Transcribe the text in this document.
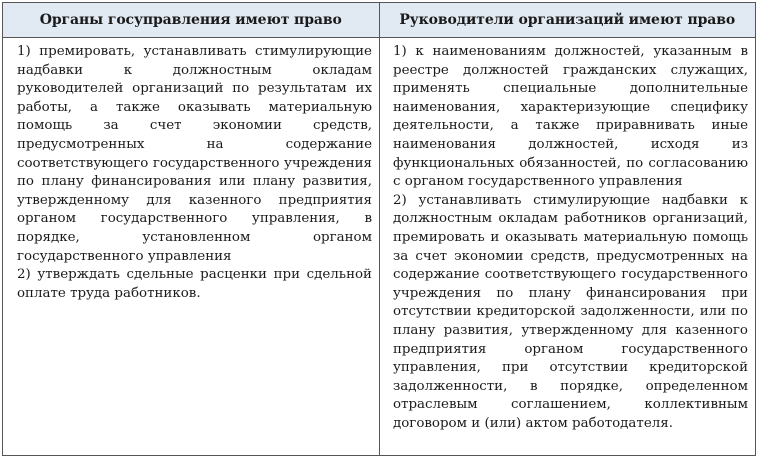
Органы госуправления имеют право	Руководители организаций имеют право

1) премировать, устанавливать стимулирующие надбавки к должностным окладам руководителей организаций по результатам их работы, а также оказывать материальную помощь за счет экономии средств, предусмотренных на содержание соответствующего государственного учреждения по плану финансирования или плану развития, утвержденному для казенного предприятия органом государственного управления, в порядке, установленном органом государственного управления

2) утверждать сдельные расценки при сдельной оплате труда работников.

1) к наименованиям должностей, указанным в реестре должностей гражданских служащих, применять специальные дополнительные наименования, характеризующие специфику деятельности, а также приравнивать иные наименования должностей, исходя из функциональных обязанностей, по согласованию с органом государственного управления

2) устанавливать стимулирующие надбавки к должностным окладам работников организаций, премировать и оказывать материальную помощь за счет экономии средств, предусмотренных на содержание соответствующего государственного учреждения по плану финансирования при отсутствии кредиторской задолженности, или по плану развития, утвержденному для казенного предприятия органом государственного управления, при отсутствии кредиторской задолженности, в порядке, определенном отраслевым соглашением, коллективным договором и (или) актом работодателя.
